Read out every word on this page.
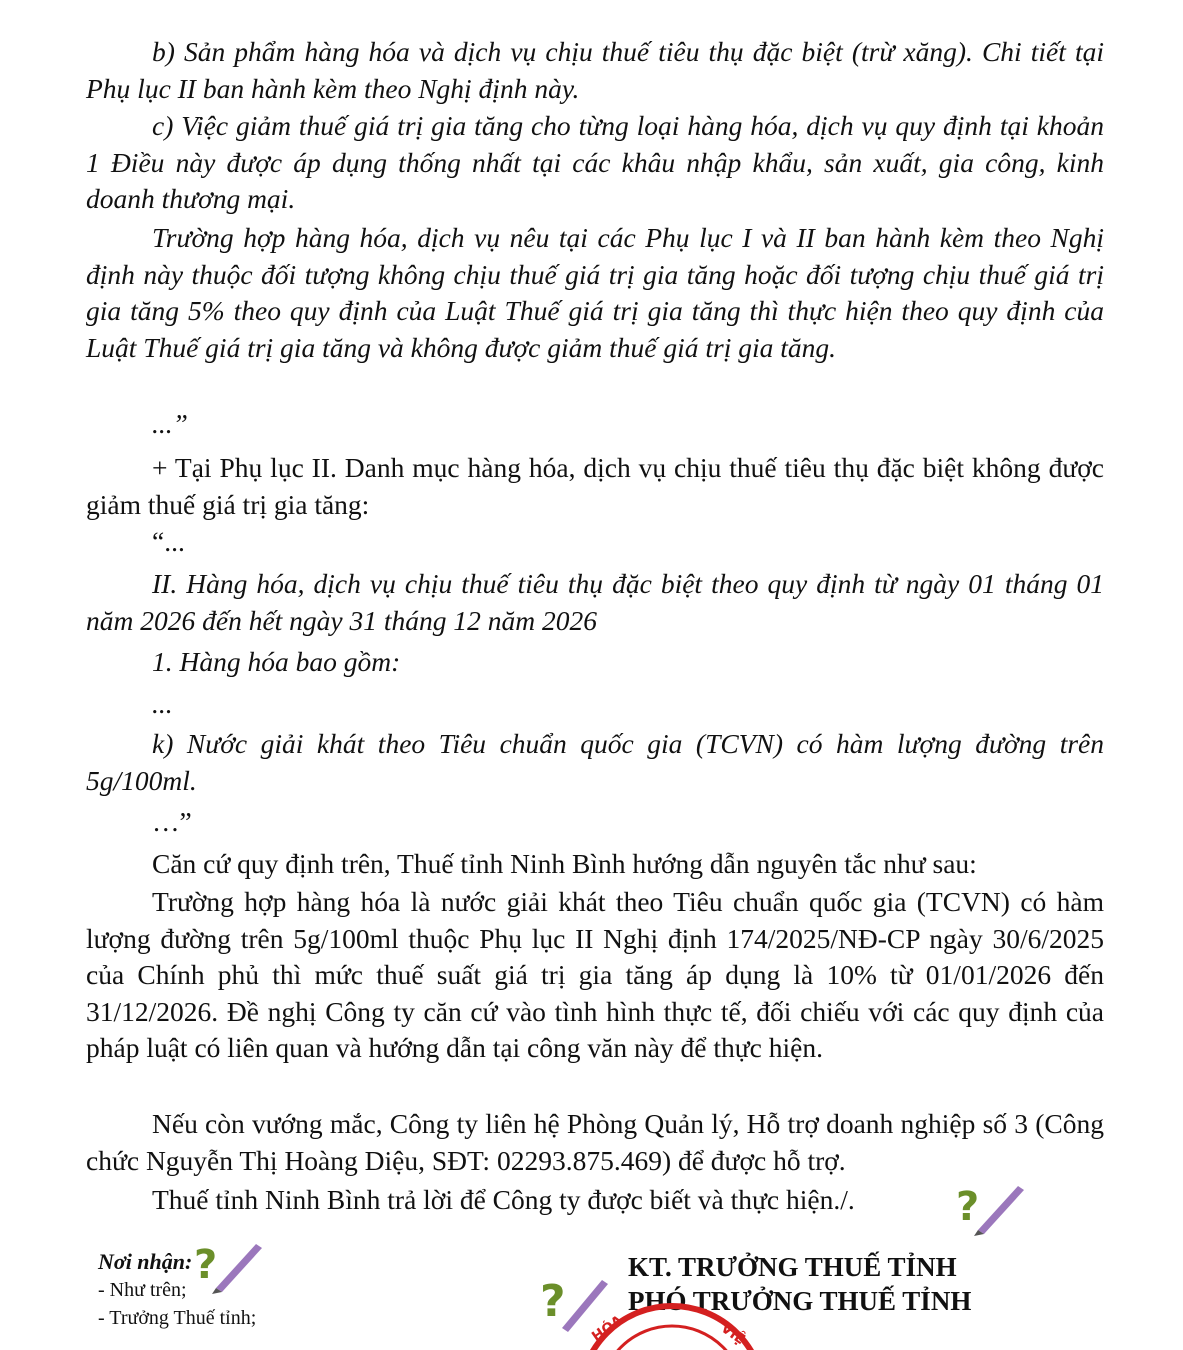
b) Sản phẩm hàng hóa và dịch vụ chịu thuế tiêu thụ đặc biệt (trừ xăng). Chi tiết tại Phụ lục II ban hành kèm theo Nghị định này.

c) Việc giảm thuế giá trị gia tăng cho từng loại hàng hóa, dịch vụ quy định tại khoản 1 Điều này được áp dụng thống nhất tại các khâu nhập khẩu, sản xuất, gia công, kinh doanh thương mại.

Trường hợp hàng hóa, dịch vụ nêu tại các Phụ lục I và II ban hành kèm theo Nghị định này thuộc đối tượng không chịu thuế giá trị gia tăng hoặc đối tượng chịu thuế giá trị gia tăng 5% theo quy định của Luật Thuế giá trị gia tăng thì thực hiện theo quy định của Luật Thuế giá trị gia tăng và không được giảm thuế giá trị gia tăng.

...”

+ Tại Phụ lục II. Danh mục hàng hóa, dịch vụ chịu thuế tiêu thụ đặc biệt không được giảm thuế giá trị gia tăng:

“...

II. Hàng hóa, dịch vụ chịu thuế tiêu thụ đặc biệt theo quy định từ ngày 01 tháng 01 năm 2026 đến hết ngày 31 tháng 12 năm 2026

1. Hàng hóa bao gồm:
...

k) Nước giải khát theo Tiêu chuẩn quốc gia (TCVN) có hàm lượng đường trên 5g/100ml.

…”
Căn cứ quy định trên, Thuế tỉnh Ninh Bình hướng dẫn nguyên tắc như sau:

Trường hợp hàng hóa là nước giải khát theo Tiêu chuẩn quốc gia (TCVN) có hàm lượng đường trên 5g/100ml thuộc Phụ lục II Nghị định 174/2025/NĐ-CP ngày 30/6/2025 của Chính phủ thì mức thuế suất giá trị gia tăng áp dụng là 10% từ 01/01/2026 đến 31/12/2026. Đề nghị Công ty căn cứ vào tình hình thực tế, đối chiếu với các quy định của pháp luật có liên quan và hướng dẫn tại công văn này để thực hiện.

Nếu còn vướng mắc, Công ty liên hệ Phòng Quản lý, Hỗ trợ doanh nghiệp số 3 (Công chức Nguyễn Thị Hoàng Diệu, SĐT: 02293.875.469) để được hỗ trợ.

Thuế tỉnh Ninh Bình trả lời để Công ty được biết và thực hiện./.	?
Nơi nhận:
- Như trên;
- Trưởng Thuế tỉnh;
?	KT. TRƯỞNG THUẾ TỈNH
PHÓ TRƯỞNG THUẾ TỈNH
HÓA	VIỆ
?
